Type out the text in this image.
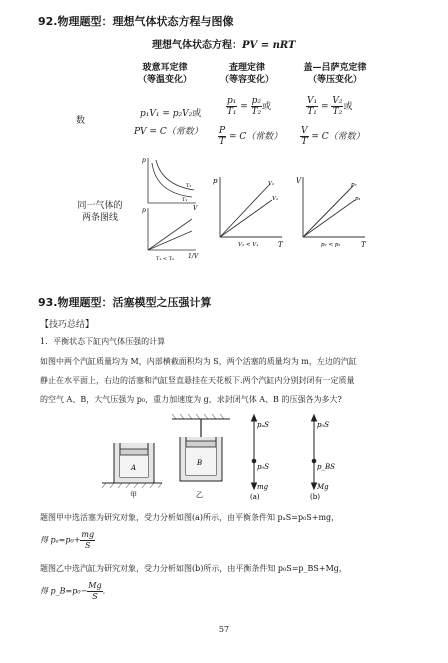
92.物理题型：理想气体状态方程与图像
理想气体状态方程：PV = nRT
玻意耳定律
（等温变化）
查理定律
（等容变化）
盖—吕萨克定律
（等压变化）
数
p₁V₁ = p₂V₂或
PV = C（常数）
$\frac{\text{p₁}}{\text{T₁}} = \frac{\text{p₂}}{\text{T₂}}$ 或
$\frac{P}{T} = C$（常数）
$\frac{\text{V₁}}{\text{T₁}} = \frac{\text{V₂}}{\text{T₂}}$ 或
$\frac{V}{T} = C$（常数）
同一气体的
两条图线
p
V
T₁
T₂
p
1/V
T₁ < T₂
p
T
V₂
V₁
V₂ < V₁
V
T
p₂
p₁
p₂ < p₁
93.物理题型：活塞模型之压强计算
【技巧总结】
1．平衡状态下缸内气体压强的计算
如图中两个汽缸质量均为 M，内部横截面积均为 S，两个活塞的质量均为 m，左边的汽缸
静止在水平面上，右边的活塞和汽缸竖直悬挂在天花板下.两个汽缸内分别封闭有一定质量
的空气 A、B，大气压强为 p₀，重力加速度为 g，求封闭气体 A、B 的压强各为多大?
A
甲
B
乙
pₐS
p₀S
mg
(a)
p₀S
p_BS
Mg
(b)
题图甲中选活塞为研究对象，受力分析如图(a)所示，由平衡条件知 pₐS=p₀S+mg，
得 $p_a=p_0+ \frac{mg}{S}$
题图乙中选汽缸为研究对象，受力分析如图(b)所示，由平衡条件知 p₀S=p_BS+Mg，
得 p_B=p₀− $\frac{Mg}{S}$ .
57
